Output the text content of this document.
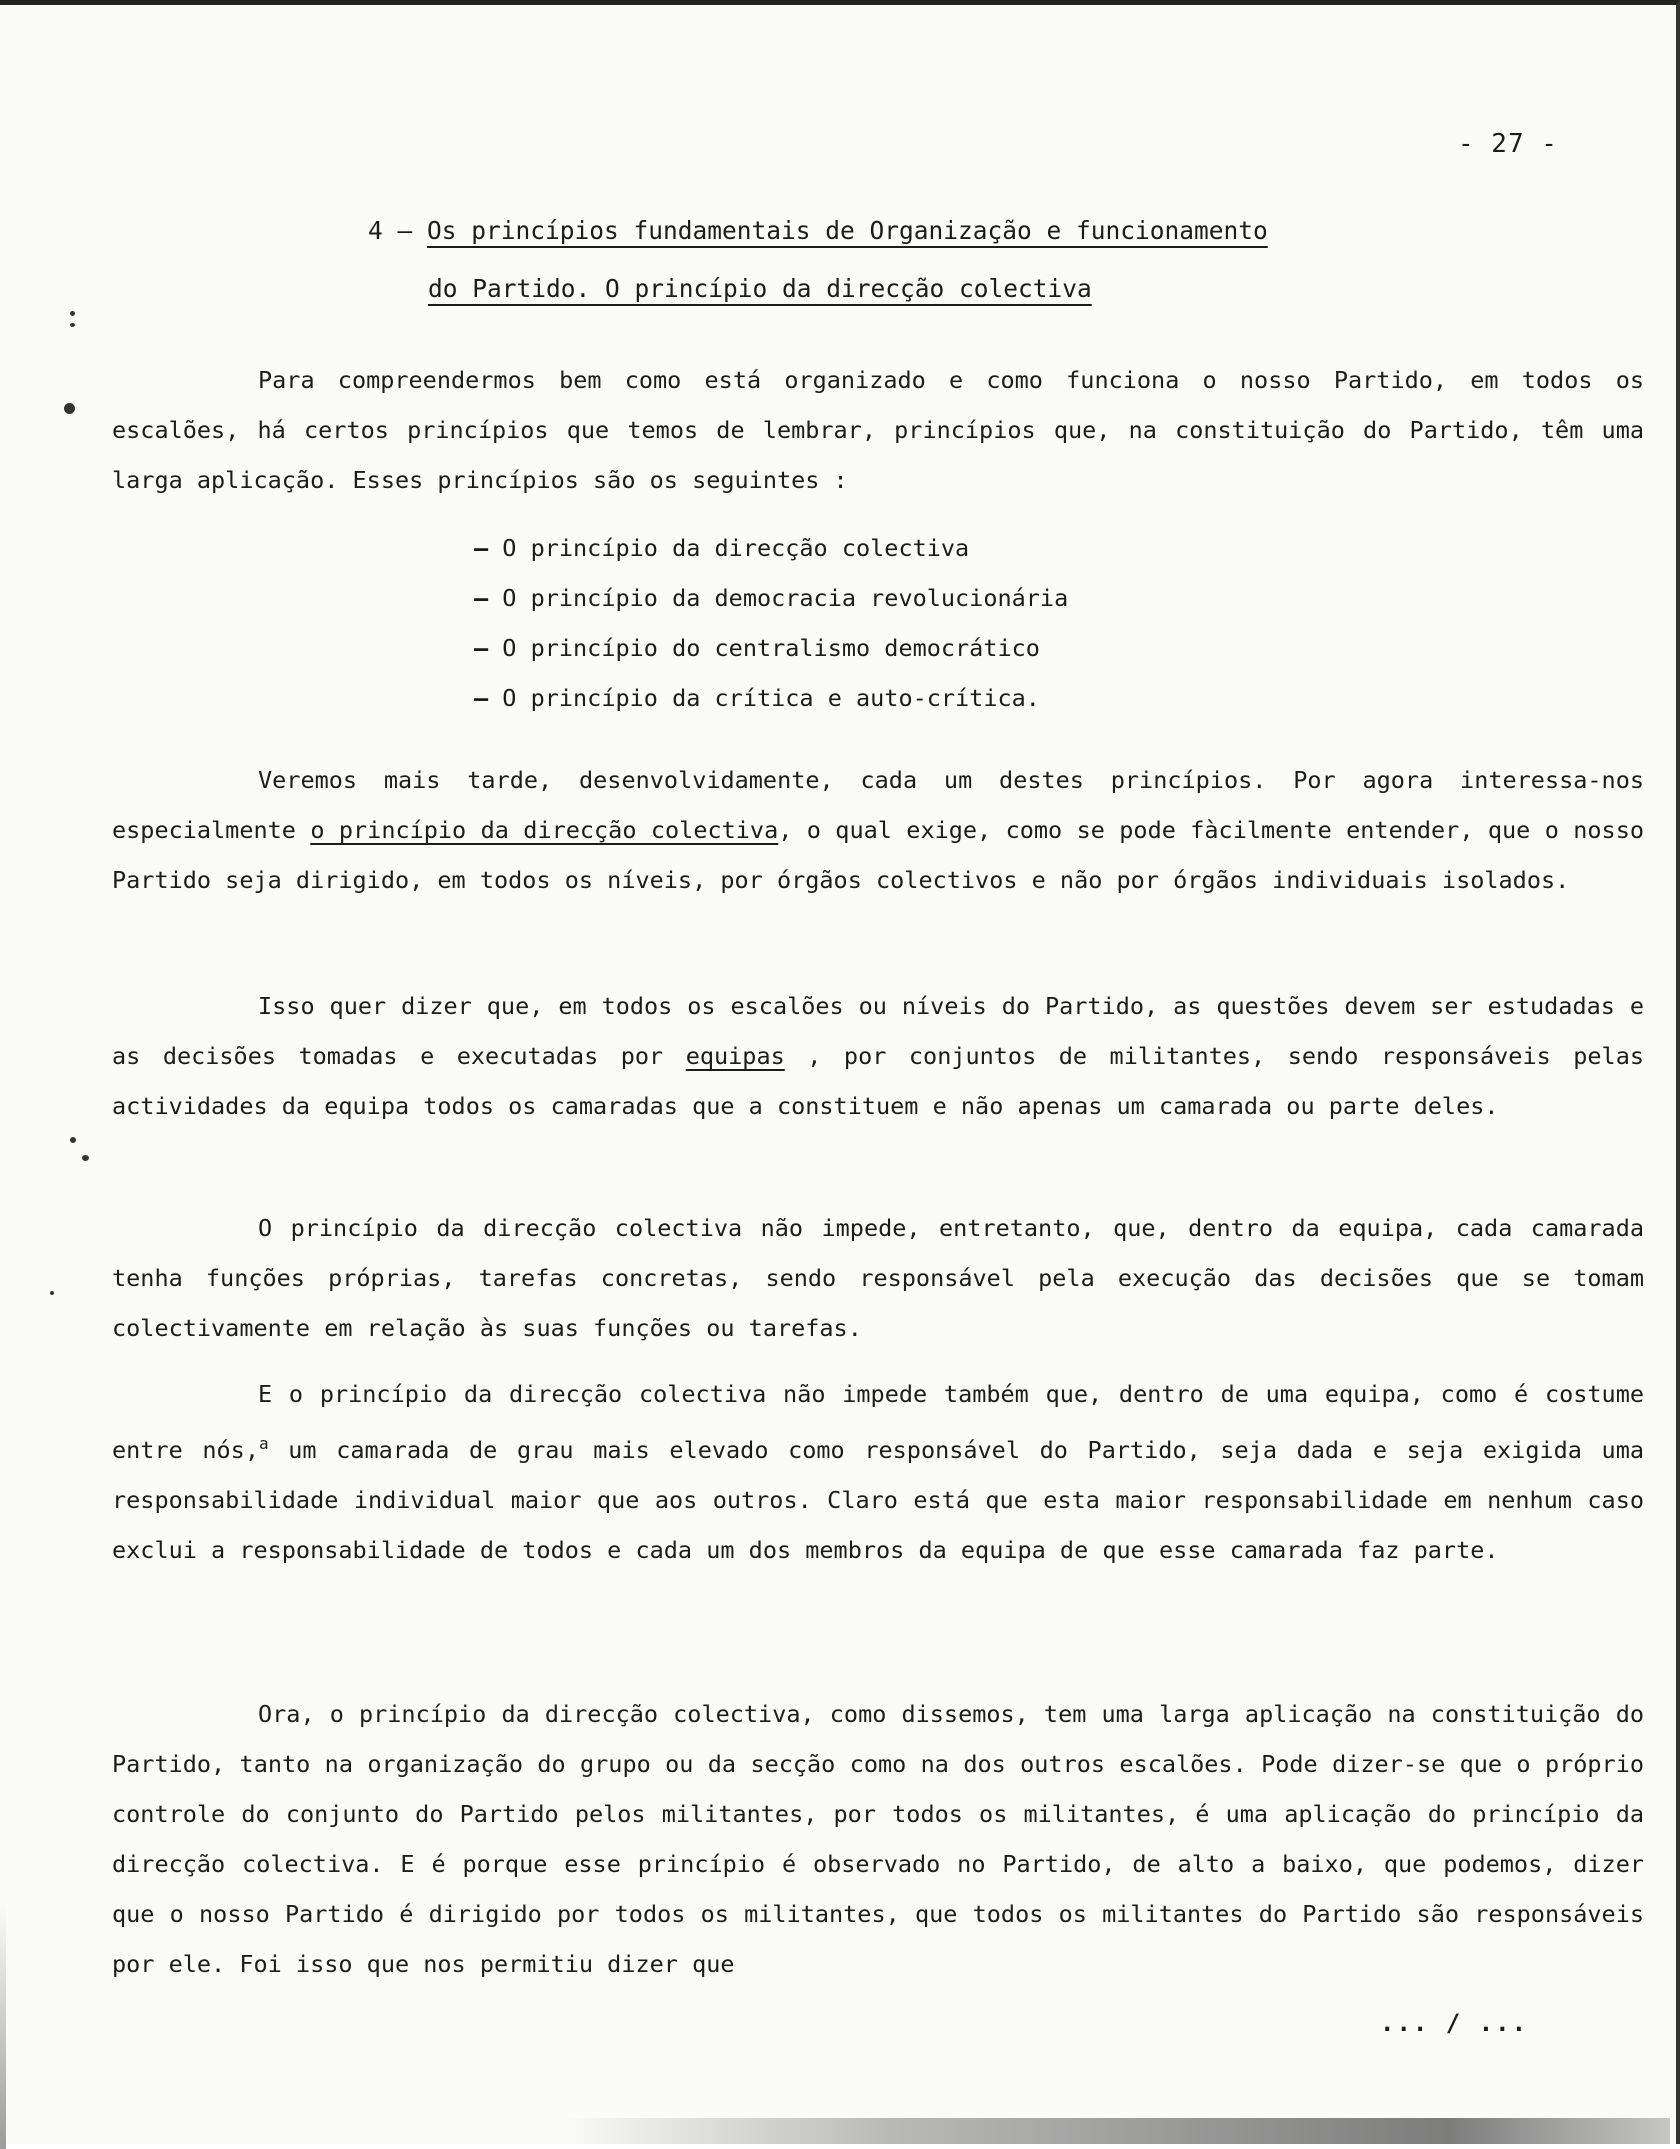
- 27 -
4 – Os princípios fundamentais de Organização e funcionamento
do Partido. O princípio da direcção colectiva

Para compreendermos bem como está organizado e como funciona o nosso Partido, em todos os escalões, há certos princípios que temos de lembrar, princípios que, na constituição do Partido, têm uma larga aplicação. Esses princípios são os seguintes :

– O princípio da direcção colectiva
– O princípio da democracia revolucionária
– O princípio do centralismo democrático
– O princípio da crítica e auto-crítica.

Veremos mais tarde, desenvolvidamente, cada um destes princípios. Por agora interessa-nos especialmente o princípio da direcção colectiva, o qual exige, como se pode fàcilmente entender, que o nosso Partido seja dirigido, em todos os níveis, por órgãos colectivos e não por órgãos individuais isolados.

Isso quer dizer que, em todos os escalões ou níveis do Partido, as questões devem ser estudadas e as decisões tomadas e executadas por equipas , por conjuntos de militantes, sendo responsáveis pelas actividades da equipa todos os camaradas que a constituem e não apenas um camarada ou parte deles.

O princípio da direcção colectiva não impede, entretanto, que, dentro da equipa, cada camarada tenha funções próprias, tarefas concretas, sendo responsável pela execução das decisões que se tomam colectivamente em relação às suas funções ou tarefas.

E o princípio da direcção colectiva não impede também que, dentro de uma equipa, como é costume entre nós,$^a$ um camarada de grau mais elevado como responsável do Partido, seja dada e seja exigida uma responsabilidade individual maior que aos outros. Claro está que esta maior responsabilidade em nenhum caso exclui a responsabilidade de todos e cada um dos membros da equipa de que esse camarada faz parte.

Ora, o princípio da direcção colectiva, como dissemos, tem uma larga aplicação na constituição do Partido, tanto na organização do grupo ou da secção como na dos outros escalões. Pode dizer-se que o próprio controle do conjunto do Partido pelos militantes, por todos os militantes, é uma aplicação do princípio da direcção colectiva. E é porque esse princípio é observado no Partido, de alto a baixo, que podemos, dizer que o nosso Partido é dirigido por todos os militantes, que todos os militantes do Partido são responsáveis por ele. Foi isso que nos permitiu dizer que

... / ...
